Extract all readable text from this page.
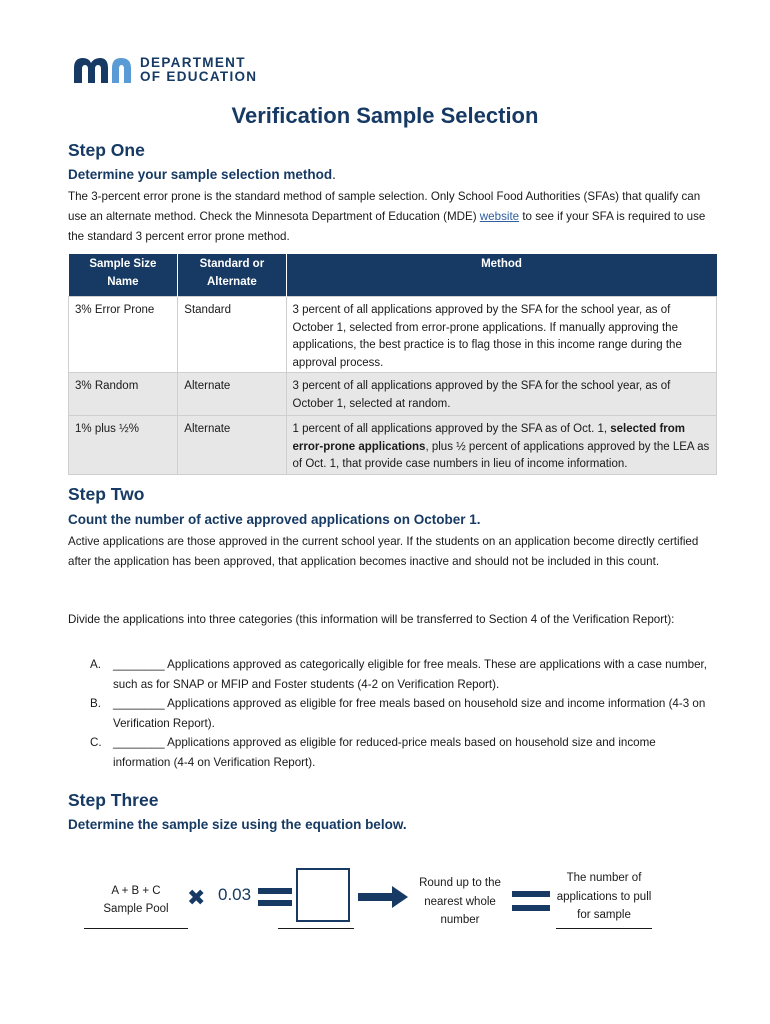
DEPARTMENT
OF EDUCATION
Verification Sample Selection
Step One
Determine your sample selection method.
The 3-percent error prone is the standard method of sample selection. Only School Food Authorities (SFAs) that qualify can use an alternate method. Check the Minnesota Department of Education (MDE) website to see if your SFA is required to use the standard 3 percent error prone method.
Sample Size Name	Standard or Alternate	Method
3% Error Prone	Standard	3 percent of all applications approved by the SFA for the school year, as of October 1, selected from error-prone applications. If manually approving the applications, the best practice is to flag those in this income range during the approval process.
3% Random	Alternate	3 percent of all applications approved by the SFA for the school year, as of October 1, selected at random.
1% plus ½%	Alternate	1 percent of all applications approved by the SFA as of Oct. 1, selected from error-prone applications, plus ½ percent of applications approved by the LEA as of Oct. 1, that provide case numbers in lieu of income information.
Step Two
Count the number of active approved applications on October 1.
Active applications are those approved in the current school year. If the students on an application become directly certified after the application has been approved, that application becomes inactive and should not be included in this count.
Divide the applications into three categories (this information will be transferred to Section 4 of the Verification Report):
A.	________ Applications approved as categorically eligible for free meals. These are applications with a case number, such as for SNAP or MFIP and Foster students (4-2 on Verification Report).
B.	________ Applications approved as eligible for free meals based on household size and income information (4-3 on Verification Report).
C. ________ Applications approved as eligible for reduced-price meals based on household size and income information (4-4 on Verification Report).
Step Three
Determine the sample size using the equation below.
A + B + C
Sample Pool ✖ 0.03
Round up to the nearest whole number
The number of applications to pull for sample
